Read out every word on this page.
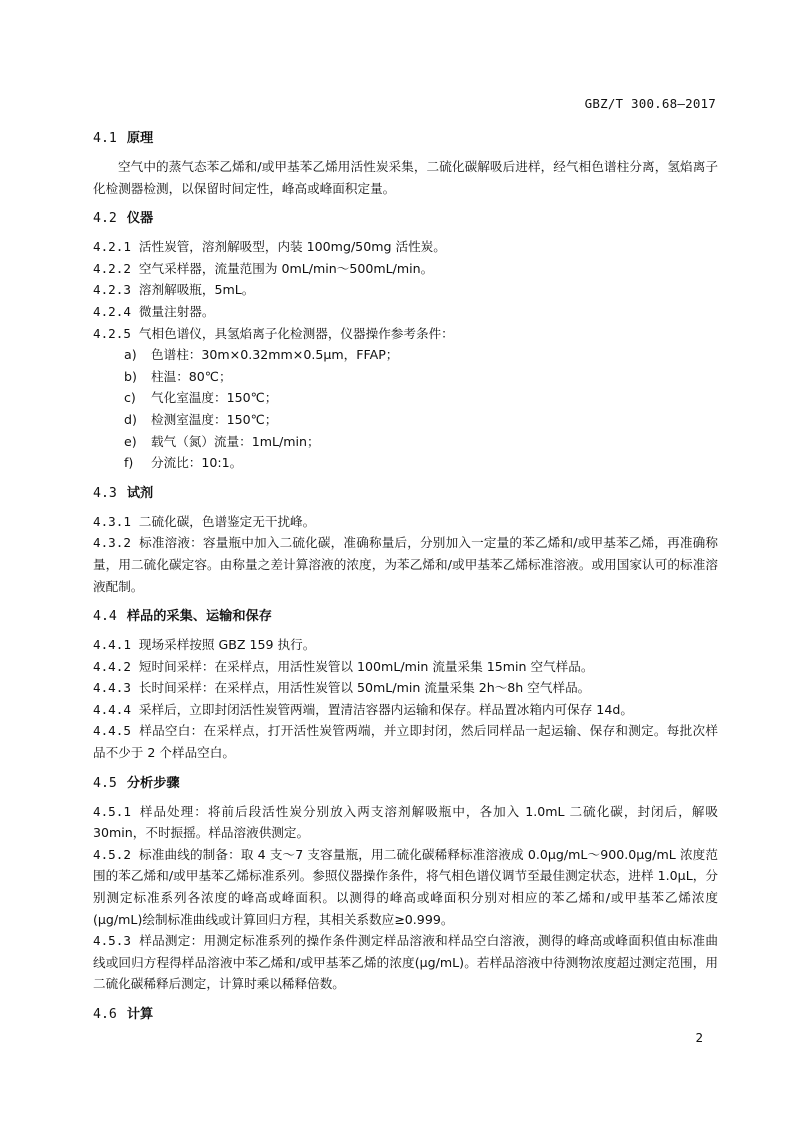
GBZ/T 300.68—2017
4.1 原理

空气中的蒸气态苯乙烯和/或甲基苯乙烯用活性炭采集，二硫化碳解吸后进样，经气相色谱柱分离，氢焰离子化检测器检测，以保留时间定性，峰高或峰面积定量。

4.2 仪器

4.2.1 活性炭管，溶剂解吸型，内装 100mg/50mg 活性炭。

4.2.2 空气采样器，流量范围为 0mL/min～500mL/min。

4.2.3 溶剂解吸瓶，5mL。

4.2.4 微量注射器。

4.2.5 气相色谱仪，具氢焰离子化检测器，仪器操作参考条件：

a) 色谱柱：30m×0.32mm×0.5μm，FFAP；

b) 柱温：80℃；

c) 气化室温度：150℃；

d) 检测室温度：150℃；

e) 载气（氮）流量：1mL/min；

f) 分流比：10:1。

4.3 试剂

4.3.1 二硫化碳，色谱鉴定无干扰峰。

4.3.2 标准溶液：容量瓶中加入二硫化碳，准确称量后，分别加入一定量的苯乙烯和/或甲基苯乙烯，再准确称量，用二硫化碳定容。由称量之差计算溶液的浓度，为苯乙烯和/或甲基苯乙烯标准溶液。或用国家认可的标准溶液配制。

4.4 样品的采集、运输和保存

4.4.1 现场采样按照 GBZ 159 执行。

4.4.2 短时间采样：在采样点，用活性炭管以 100mL/min 流量采集 15min 空气样品。

4.4.3 长时间采样：在采样点，用活性炭管以 50mL/min 流量采集 2h～8h 空气样品。

4.4.4 采样后，立即封闭活性炭管两端，置清洁容器内运输和保存。样品置冰箱内可保存 14d。

4.4.5 样品空白：在采样点，打开活性炭管两端，并立即封闭，然后同样品一起运输、保存和测定。每批次样品不少于 2 个样品空白。

4.5 分析步骤

4.5.1 样品处理：将前后段活性炭分别放入两支溶剂解吸瓶中，各加入 1.0mL 二硫化碳，封闭后，解吸 30min，不时振摇。样品溶液供测定。

4.5.2 标准曲线的制备：取 4 支～7 支容量瓶，用二硫化碳稀释标准溶液成 0.0μg/mL～900.0μg/mL 浓度范围的苯乙烯和/或甲基苯乙烯标准系列。参照仪器操作条件，将气相色谱仪调节至最佳测定状态，进样 1.0μL，分别测定标准系列各浓度的峰高或峰面积。以测得的峰高或峰面积分别对相应的苯乙烯和/或甲基苯乙烯浓度(μg/mL)绘制标准曲线或计算回归方程，其相关系数应≥0.999。

4.5.3 样品测定：用测定标准系列的操作条件测定样品溶液和样品空白溶液，测得的峰高或峰面积值由标准曲线或回归方程得样品溶液中苯乙烯和/或甲基苯乙烯的浓度(μg/mL)。若样品溶液中待测物浓度超过测定范围，用二硫化碳稀释后测定，计算时乘以稀释倍数。

4.6 计算
2
